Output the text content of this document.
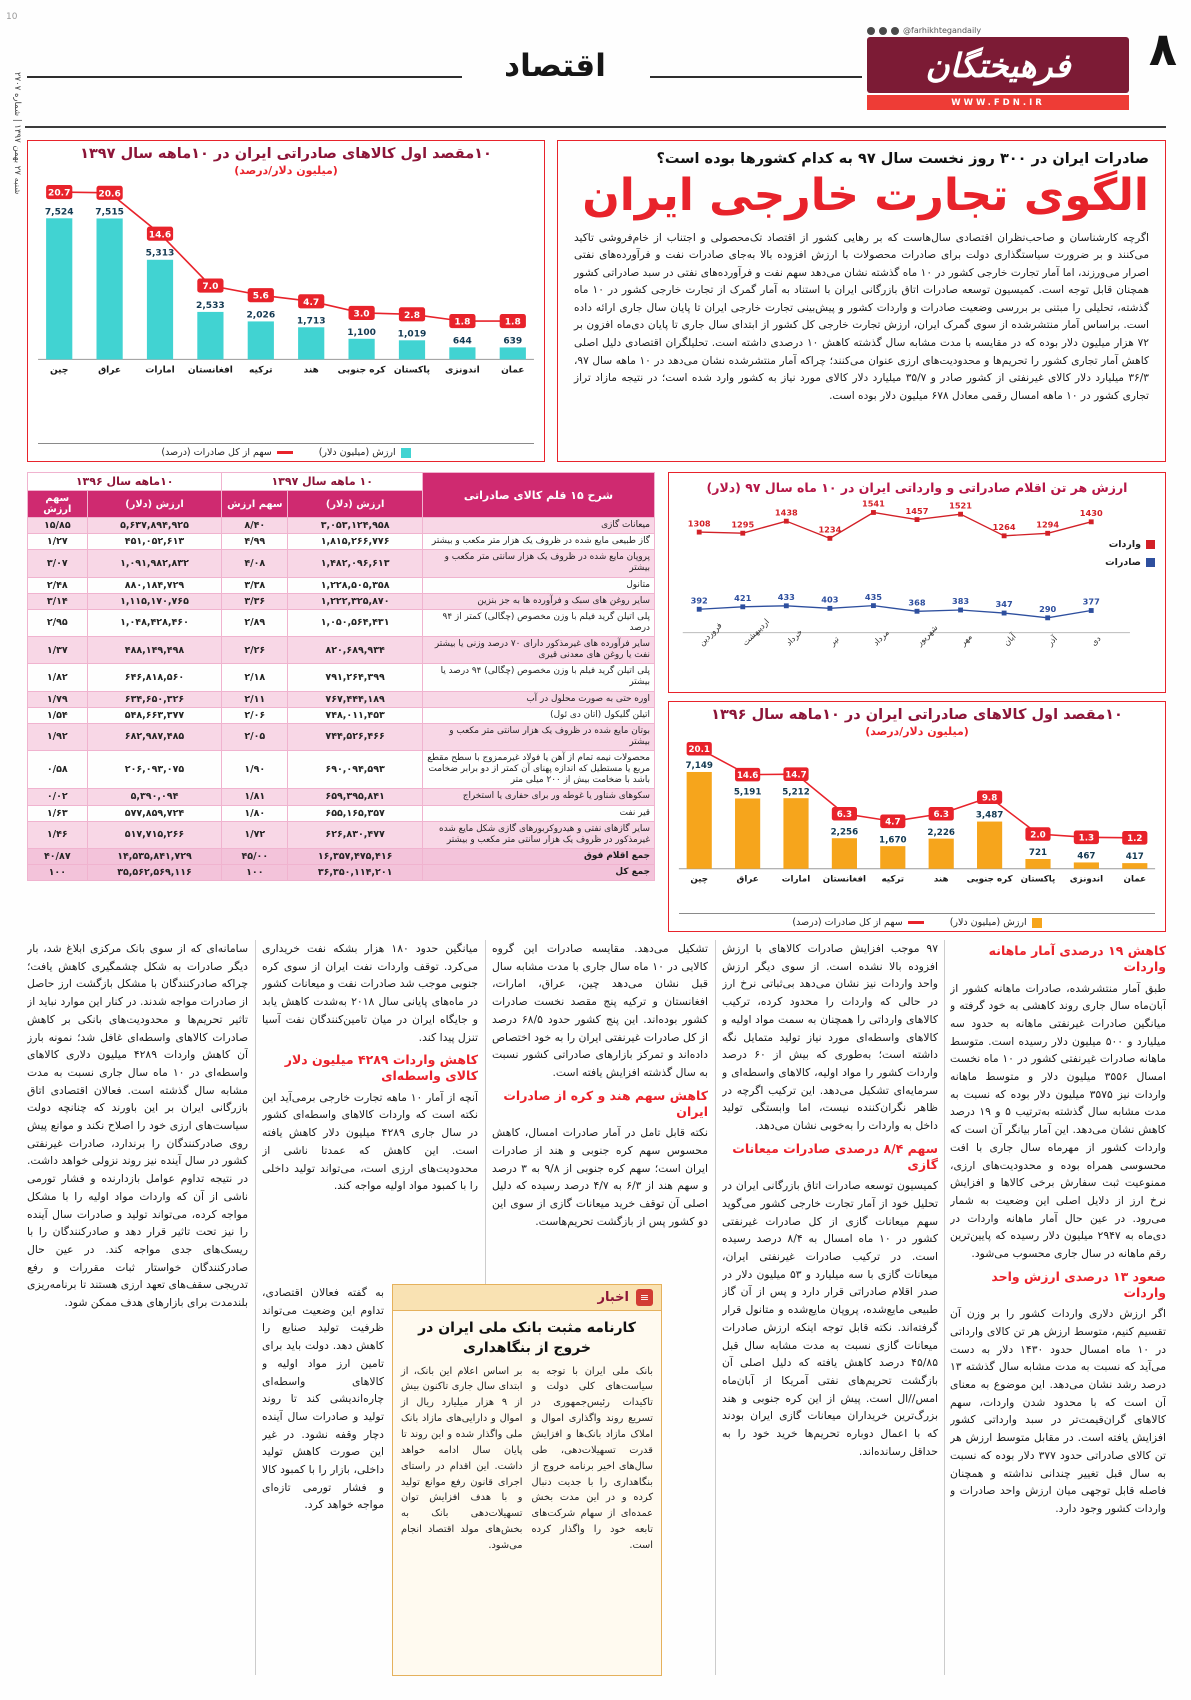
10
شنبه ۲۷ بهمن ۱۳۹۷ | شماره ۲۷۰۷
۸
@farhikhtegandaily
فرهیختگان
WWW.FDN.IR
اقتصاد
صادرات ایران در ۳۰۰ روز نخست سال ۹۷ به کدام کشورها بوده است؟
الگوی تجارت خارجی ایران
اگرچه کارشناسان و صاحب‌نظران اقتصادی سال‌هاست که بر رهایی کشور از اقتصاد تک‌محصولی و اجتناب از خام‌فروشی تاکید می‌کنند و بر ضرورت سیاستگذاری دولت برای صادرات محصولات با ارزش افزوده بالا به‌جای صادرات نفت و فرآورده‌های نفتی اصرار می‌ورزند، اما آمار تجارت خارجی کشور در ۱۰ ماه گذشته نشان می‌دهد سهم نفت و فرآورده‌های نفتی در سبد صادراتی کشور همچنان قابل توجه است. کمیسیون توسعه صادرات اتاق بازرگانی ایران با استناد به آمار گمرک از تجارت خارجی کشور در ۱۰ ماه گذشته، تحلیلی را مبتنی بر بررسی وضعیت صادرات و واردات کشور و پیش‌بینی تجارت خارجی ایران تا پایان سال جاری ارائه داده است. براساس آمار منتشرشده از سوی گمرک ایران، ارزش تجارت خارجی کل کشور از ابتدای سال جاری تا پایان دی‌ماه افزون بر ۷۲ هزار میلیون دلار بوده که در مقایسه با مدت مشابه سال گذشته کاهش ۱۰ درصدی داشته است. تحلیلگران اقتصادی دلیل اصلی کاهش آمار تجاری کشور را تحریم‌ها و محدودیت‌های ارزی عنوان می‌کنند؛ چراکه آمار منتشرشده نشان می‌دهد در ۱۰ ماهه سال ۹۷، ۳۶/۳ میلیارد دلار کالای غیرنفتی از کشور صادر و ۳۵/۷ میلیارد دلار کالای مورد نیاز به کشور وارد شده است؛ در نتیجه مازاد تراز تجاری کشور در ۱۰ ماهه امسال رقمی معادل ۶۷۸ میلیون دلار بوده است.
۱۰مقصد اول کالاهای صادراتی ایران در ۱۰ماهه سال ۱۳۹۷
(میلیون دلار/درصد)
7,524
چین
7,515
عراق
5,313
امارات
2,533
افغانستان
2,026
ترکیه
1,713
هند
1,100
کره جنوبی
1,019
پاکستان
644
اندونزی
639
عمان
20.7	20.6
14.6
7.0
5.6
4.7
3.0	2.8
1.8	1.8
ارزش (میلیون دلار)
سهم از کل صادرات (درصد)
شرح ۱۵ قلم کالای صادراتی	۱۰ ماهه سال ۱۳۹۷		۱۰ماهه سال ۱۳۹۶	
	ارزش (دلار)	سهم ارزش	ارزش (دلار)	سهم ارزش
میعانات گازی	۳,۰۵۳,۱۲۴,۹۵۸	۸/۴۰	۵,۶۳۷,۸۹۴,۹۲۵	۱۵/۸۵
گاز طبیعی مایع شده در ظروف یک هزار متر مکعب و بیشتر	۱,۸۱۵,۲۶۶,۷۷۶	۴/۹۹	۴۵۱,۰۵۲,۶۱۳	۱/۲۷
پروپان مایع شده در ظروف یک هزار سانتی متر مکعب و بیشتر	۱,۴۸۲,۰۹۶,۶۱۳	۴/۰۸	۱,۰۹۱,۹۸۲,۸۳۲	۳/۰۷
متانول	۱,۲۲۸,۵۰۵,۳۵۸	۳/۳۸	۸۸۰,۱۸۴,۷۲۹	۲/۴۸
سایر روغن های سبک و فرآورده ها به جز بنزین	۱,۲۲۲,۳۲۵,۸۷۰	۳/۳۶	۱,۱۱۵,۱۷۰,۷۶۵	۳/۱۴
پلی اتیلن گرید فیلم با وزن مخصوص (چگالی) کمتر از ۹۴ درصد	۱,۰۵۰,۵۶۴,۴۳۱	۲/۸۹	۱,۰۴۸,۴۲۸,۴۶۰	۲/۹۵
سایر فرآورده های غیرمذکور دارای ۷۰ درصد وزنی یا بیشتر نفت یا روغن های معدنی قیری	۸۲۰,۶۸۹,۹۳۴	۲/۲۶	۴۸۸,۱۴۹,۴۹۸	۱/۳۷
پلی اتیلن گرید فیلم با وزن مخصوص (چگالی) ۹۴ درصد یا بیشتر	۷۹۱,۲۶۴,۳۹۹	۲/۱۸	۶۴۶,۸۱۸,۵۶۰	۱/۸۲
اوره حتی به صورت محلول در آب	۷۶۷,۴۴۴,۱۸۹	۲/۱۱	۶۳۴,۶۵۰,۳۲۶	۱/۷۹
اتیلن گلیکول (اتان دی ئول)	۷۴۸,۰۱۱,۴۵۳	۲/۰۶	۵۴۸,۶۶۳,۳۷۷	۱/۵۴
بوتان مایع شده در ظروف یک هزار سانتی متر مکعب و بیشتر	۷۴۴,۵۲۶,۴۶۶	۲/۰۵	۶۸۲,۹۸۷,۴۸۵	۱/۹۲
محصولات نیمه تمام از آهن یا فولاد غیرممزوج با سطح مقطع مربع یا مستطیل که اندازه پهنای آن کمتر از دو برابر ضخامت باشد با ضخامت بیش از ۲۰۰ میلی متر	۶۹۰,۰۹۴,۵۹۳	۱/۹۰	۲۰۶,۰۹۳,۰۷۵	۰/۵۸
سکوهای شناور یا غوطه ور برای حفاری یا استخراج	۶۵۹,۳۹۵,۸۴۱	۱/۸۱	۵,۳۹۰,۰۹۴	۰/۰۲
قیر نفت	۶۵۵,۱۶۵,۳۵۷	۱/۸۰	۵۷۷,۸۵۹,۷۲۴	۱/۶۳
سایر گازهای نفتی و هیدروکربورهای گازی شکل مایع شده غیرمذکور در ظروف یک هزار سانتی متر مکعب و بیشتر	۶۲۶,۸۳۰,۴۷۷	۱/۷۲	۵۱۷,۷۱۵,۲۶۶	۱/۴۶
جمع اقلام فوق	۱۶,۳۵۷,۴۷۵,۴۱۶	۴۵/۰۰	۱۴,۵۳۵,۸۴۱,۷۲۹	۴۰/۸۷
جمع کل	۳۶,۳۵۰,۱۱۴,۲۰۱	۱۰۰	۳۵,۵۶۲,۵۶۹,۱۱۶	۱۰۰
ارزش هر تن اقلام صادراتی و وارداتی ایران در ۱۰ ماه سال ۹۷ (دلار)
1308 1295
1438
1234
1541
1457
1521
1264 1294
1430
392	421	433	403	435
368	383	347	290
377
فروردین اردیبهشت خرداد	تیر	مرداد	شهریور مهر	آبان	آذر	دی
واردات
صادرات
۱۰مقصد اول کالاهای صادراتی ایران در ۱۰ماهه سال ۱۳۹۶
(میلیون دلار/درصد)
7,149
چین
5,191
عراق
5,212
امارات
2,256
افغانستان
1,670
ترکیه
2,226
هند
3,487
کره جنوبی
721
پاکستان
467
اندونزی
417
عمان
20.1
14.6	14.7
6.3
4.7
6.3
9.8
2.0	1.3	1.2
ارزش (میلیون دلار)
سهم از کل صادرات (درصد)
کاهش ۱۹ درصدی آمار ماهانه واردات

طبق آمار منتشرشده، صادرات ماهانه کشور از آبان‌ماه سال جاری روند کاهشی به خود گرفته و میانگین صادرات غیرنفتی ماهانه به حدود سه میلیارد و ۵۰۰ میلیون دلار رسیده است. متوسط ماهانه صادرات غیرنفتی کشور در ۱۰ ماه نخست امسال ۳۵۵۶ میلیون دلار و متوسط ماهانه واردات نیز ۳۵۷۵ میلیون دلار بوده که نسبت به مدت مشابه سال گذشته به‌ترتیب ۵ و ۱۹ درصد کاهش نشان می‌دهد. این آمار بیانگر آن است که واردات کشور از مهرماه سال جاری با افت محسوسی همراه بوده و محدودیت‌های ارزی، ممنوعیت ثبت سفارش برخی کالاها و افزایش نرخ ارز از دلایل اصلی این وضعیت به شمار می‌رود. در عین حال آمار ماهانه واردات در دی‌ماه به ۲۹۴۷ میلیون دلار رسیده که پایین‌ترین رقم ماهانه در سال جاری محسوب می‌شود.

صعود ۱۳ درصدی ارزش واحد واردات

اگر ارزش دلاری واردات کشور را بر وزن آن تقسیم کنیم، متوسط ارزش هر تن کالای وارداتی در ۱۰ ماه امسال حدود ۱۴۳۰ دلار به دست می‌آید که نسبت به مدت مشابه سال گذشته ۱۳ درصد رشد نشان می‌دهد. این موضوع به معنای آن است که با محدود شدن واردات، سهم کالاهای گران‌قیمت‌تر در سبد وارداتی کشور افزایش یافته است. در مقابل متوسط ارزش هر تن کالای صادراتی حدود ۳۷۷ دلار بوده که نسبت به سال قبل تغییر چندانی نداشته و همچنان فاصله قابل توجهی میان ارزش واحد صادرات و واردات کشور وجود دارد.

۹۷ موجب افزایش صادرات کالاهای با ارزش افزوده بالا نشده است. از سوی دیگر ارزش واحد واردات نیز نشان می‌دهد بی‌ثباتی نرخ ارز در حالی که واردات را محدود کرده، ترکیب کالاهای وارداتی را همچنان به سمت مواد اولیه و کالاهای واسطه‌ای مورد نیاز تولید متمایل نگه داشته است؛ به‌طوری که بیش از ۶۰ درصد واردات کشور را مواد اولیه، کالاهای واسطه‌ای و سرمایه‌ای تشکیل می‌دهد. این ترکیب اگرچه در ظاهر نگران‌کننده نیست، اما وابستگی تولید داخل به واردات را به‌خوبی نشان می‌دهد.

سهم ۸/۴ درصدی صادرات میعانات گازی

کمیسیون توسعه صادرات اتاق بازرگانی ایران در تحلیل خود از آمار تجارت خارجی کشور می‌گوید سهم میعانات گازی از کل صادرات غیرنفتی کشور در ۱۰ ماه امسال به ۸/۴ درصد رسیده است. در ترکیب صادرات غیرنفتی ایران، میعانات گازی با سه میلیارد و ۵۳ میلیون دلار در صدر اقلام صادراتی قرار دارد و پس از آن گاز طبیعی مایع‌شده، پروپان مایع‌شده و متانول قرار گرفته‌اند. نکته قابل توجه اینکه ارزش صادرات میعانات گازی نسبت به مدت مشابه سال قبل ۴۵/۸۵ درصد کاهش یافته که دلیل اصلی آن بازگشت تحریم‌های نفتی آمریکا از آبان‌ماه امس//ال است. پیش از این کره جنوبی و هند بزرگ‌ترین خریداران میعانات گازی ایران بودند که با اعمال دوباره تحریم‌ها خرید خود را به حداقل رسانده‌اند.

تشکیل می‌دهد. مقایسه صادرات این گروه کالایی در ۱۰ ماه سال جاری با مدت مشابه سال قبل نشان می‌دهد چین، عراق، امارات، افغانستان و ترکیه پنج مقصد نخست صادرات کشور بوده‌اند. این پنج کشور حدود ۶۸/۵ درصد از کل صادرات غیرنفتی ایران را به خود اختصاص داده‌اند و تمرکز بازارهای صادراتی کشور نسبت به سال گذشته افزایش یافته است.

کاهش سهم هند و کره از صادرات ایران

نکته قابل تامل در آمار صادرات امسال، کاهش محسوس سهم کره جنوبی و هند از صادرات ایران است؛ سهم کره جنوبی از ۹/۸ به ۳ درصد و سهم هند از ۶/۳ به ۴/۷ درصد رسیده که دلیل اصلی آن توقف خرید میعانات گازی از سوی این دو کشور پس از بازگشت تحریم‌هاست.

میانگین حدود ۱۸۰ هزار بشکه نفت خریداری می‌کرد. توقف واردات نفت ایران از سوی کره جنوبی موجب شد صادرات نفت و میعانات کشور در ماه‌های پایانی سال ۲۰۱۸ به‌شدت کاهش یابد و جایگاه ایران در میان تامین‌کنندگان نفت آسیا تنزل پیدا کند.

کاهش واردات ۴۲۸۹ میلیون دلار کالای واسطه‌ای

آنچه از آمار ۱۰ ماهه تجارت خارجی برمی‌آید این نکته است که واردات کالاهای واسطه‌ای کشور در سال جاری ۴۲۸۹ میلیون دلار کاهش یافته است. این کاهش که عمدتا ناشی از محدودیت‌های ارزی است، می‌تواند تولید داخلی را با کمبود مواد اولیه مواجه کند.

به گفته فعالان اقتصادی، تداوم این وضعیت می‌تواند ظرفیت تولید صنایع را کاهش دهد. دولت باید برای تامین ارز مواد اولیه و کالاهای واسطه‌ای چاره‌اندیشی کند تا روند تولید و صادرات سال آینده دچار وقفه نشود. در غیر این صورت کاهش تولید داخلی، بازار را با کمبود کالا و فشار تورمی تازه‌ای مواجه خواهد کرد.

سامانه‌ای که از سوی بانک مرکزی ابلاغ شد، بار دیگر صادرات به شکل چشمگیری کاهش یافت؛ چراکه صادرکنندگان با مشکل بازگشت ارز حاصل از صادرات مواجه شدند. در کنار این موارد نباید از تاثیر تحریم‌ها و محدودیت‌های بانکی بر کاهش صادرات کالاهای واسطه‌ای غافل شد؛ نمونه بارز آن کاهش واردات ۴۲۸۹ میلیون دلاری کالاهای واسطه‌ای در ۱۰ ماه سال جاری نسبت به مدت مشابه سال گذشته است. فعالان اقتصادی اتاق بازرگانی ایران بر این باورند که چنانچه دولت سیاست‌های ارزی خود را اصلاح نکند و موانع پیش روی صادرکنندگان را برندارد، صادرات غیرنفتی کشور در سال آینده نیز روند نزولی خواهد داشت. در نتیجه تداوم عوامل بازدارنده و فشار تورمی ناشی از آن که واردات مواد اولیه را با مشکل مواجه کرده، می‌تواند تولید و صادرات سال آینده را نیز تحت تاثیر قرار دهد و صادرکنندگان را با ریسک‌های جدی مواجه کند. در عین حال صادرکنندگان خواستار ثبات مقررات و رفع تدریجی سقف‌های تعهد ارزی هستند تا برنامه‌ریزی بلندمدت برای بازارهای هدف ممکن شود.	≡
اخبار
کارنامه مثبت بانک ملی ایران در خروج از بنگاهداری

بانک ملی ایران با توجه به سیاست‌های کلی دولت و تاکیدات رئیس‌جمهوری در تسریع روند واگذاری اموال و املاک مازاد بانک‌ها و افزایش قدرت تسهیلات‌دهی، طی سال‌های اخیر برنامه خروج از بنگاهداری را با جدیت دنبال کرده و در این مدت بخش عمده‌ای از سهام شرکت‌های تابعه خود را واگذار کرده است.

بر اساس اعلام این بانک، از ابتدای سال جاری تاکنون بیش از ۹ هزار میلیارد ریال از اموال و دارایی‌های مازاد بانک ملی واگذار شده و این روند تا پایان سال ادامه خواهد داشت. این اقدام در راستای اجرای قانون رفع موانع تولید و با هدف افزایش توان تسهیلات‌دهی بانک به بخش‌های مولد اقتصاد انجام می‌شود.
